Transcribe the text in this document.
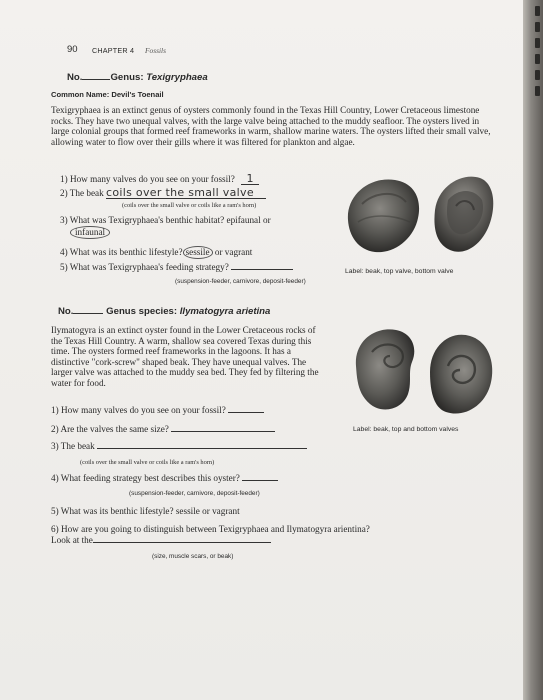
90 CHAPTER 4 Fossils
No.	Genus: Texigryphaea
Common Name: Devil's Toenail
Texigryphaea is an extinct genus of oysters commonly found in the Texas Hill Country, Lower Cretaceous limestone rocks. They have two unequal valves, with the large valve being attached to the muddy seafloor. The oysters lived in large colonial groups that formed reef frameworks in warm, shallow marine waters. The oysters lifted their small valve, allowing water to flow over their gills where it was filtered for plankton and algae.
1) How many valves do you see on your fossil? 1
2) The beak coils over the small valve
(coils over the small valve or coils like a ram's horn)
3) What was Texigryphaea's benthic habitat? epifaunal or
infaunal
4) What was its benthic lifestyle? sessile or vagrant
5) What was Texigryphaea's feeding strategy?
(suspension-feeder, carnivore, deposit-feeder)
Label: beak, top valve, bottom valve
No.	Genus species: Ilymatogyra arietina
Ilymatogyra is an extinct oyster found in the Lower Cretaceous rocks of the Texas Hill Country. A warm, shallow sea covered Texas during this time. The oysters formed reef frameworks in the lagoons. It has a distinctive "cork-screw" shaped beak. They have unequal valves. The larger valve was attached to the muddy sea bed. They fed by filtering the water for food.
1) How many valves do you see on your fossil?
2) Are the valves the same size?
3) The beak
(coils over the small valve or coils like a ram's horn)
4) What feeding strategy best describes this oyster?
(suspension-feeder, carnivore, deposit-feeder)
5) What was its benthic lifestyle? sessile or vagrant
6) How are you going to distinguish between Texigryphaea and Ilymatogyra arientina?
Look at the
(size, muscle scars, or beak)
Label: beak, top and bottom valves
